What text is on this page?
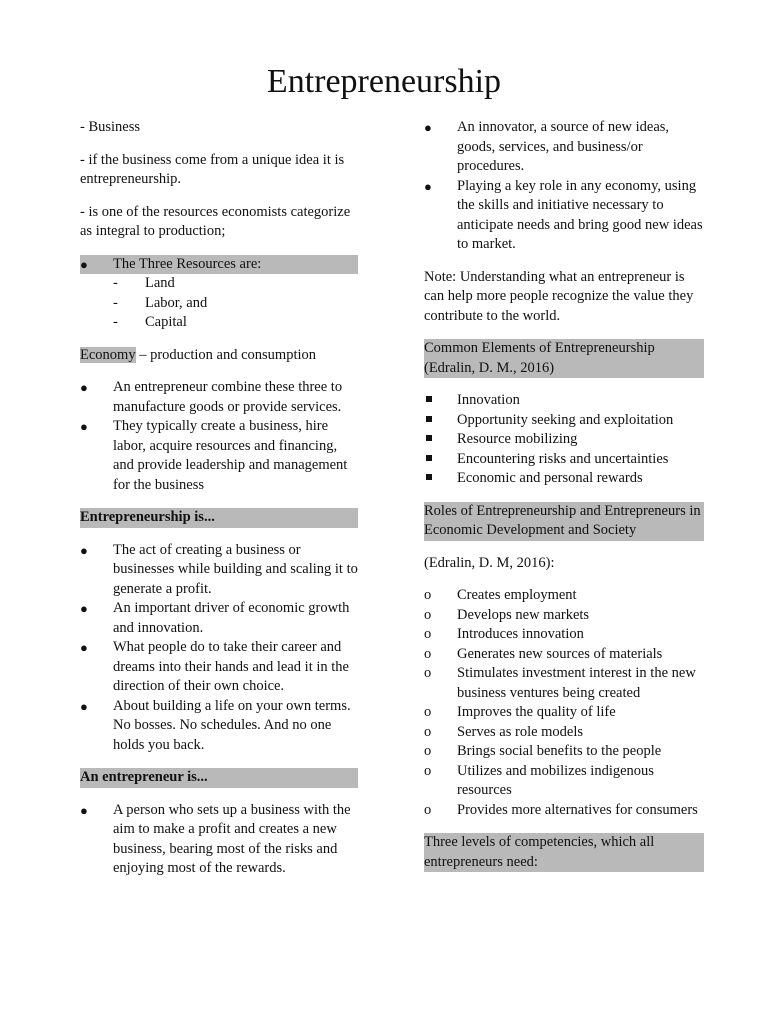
Entrepreneurship

- Business

- if the business come from a unique idea it is entrepreneurship.

- is one of the resources economists categorize as integral to production;

●	The Three Resources are:
-	Land
-	Labor, and
-	Capital

Economy – production and consumption

●	An entrepreneur combine these three to manufacture goods or provide services.
●	They typically create a business, hire labor, acquire resources and financing, and provide leadership and management for the business
Entrepreneurship is...
●	The act of creating a business or businesses while building and scaling it to generate a profit.
●	An important driver of economic growth and innovation.
●	What people do to take their career and dreams into their hands and lead it in the direction of their own choice.
●	About building a life on your own terms. No bosses. No schedules. And no one holds you back.
An entrepreneur is...
●	A person who sets up a business with the aim to make a profit and creates a new business, bearing most of the risks and enjoying most of the rewards.
●	An innovator, a source of new ideas, goods, services, and business/or procedures.
●	Playing a key role in any economy, using the skills and initiative necessary to anticipate needs and bring good new ideas to market.

Note: Understanding what an entrepreneur is can help more people recognize the value they contribute to the world.

Common Elements of Entrepreneurship (Edralin, D. M., 2016)
Innovation
Opportunity seeking and exploitation
Resource mobilizing
Encountering risks and uncertainties
Economic and personal rewards
Roles of Entrepreneurship and Entrepreneurs in Economic Development and Society

(Edralin, D. M, 2016):

o	Creates employment
o	Develops new markets
o	Introduces innovation
o	Generates new sources of materials
o	Stimulates investment interest in the new business ventures being created
o	Improves the quality of life
o	Serves as role models
o	Brings social benefits to the people
o	Utilizes and mobilizes indigenous resources
o	Provides more alternatives for consumers
Three levels of competencies, which all entrepreneurs need:
